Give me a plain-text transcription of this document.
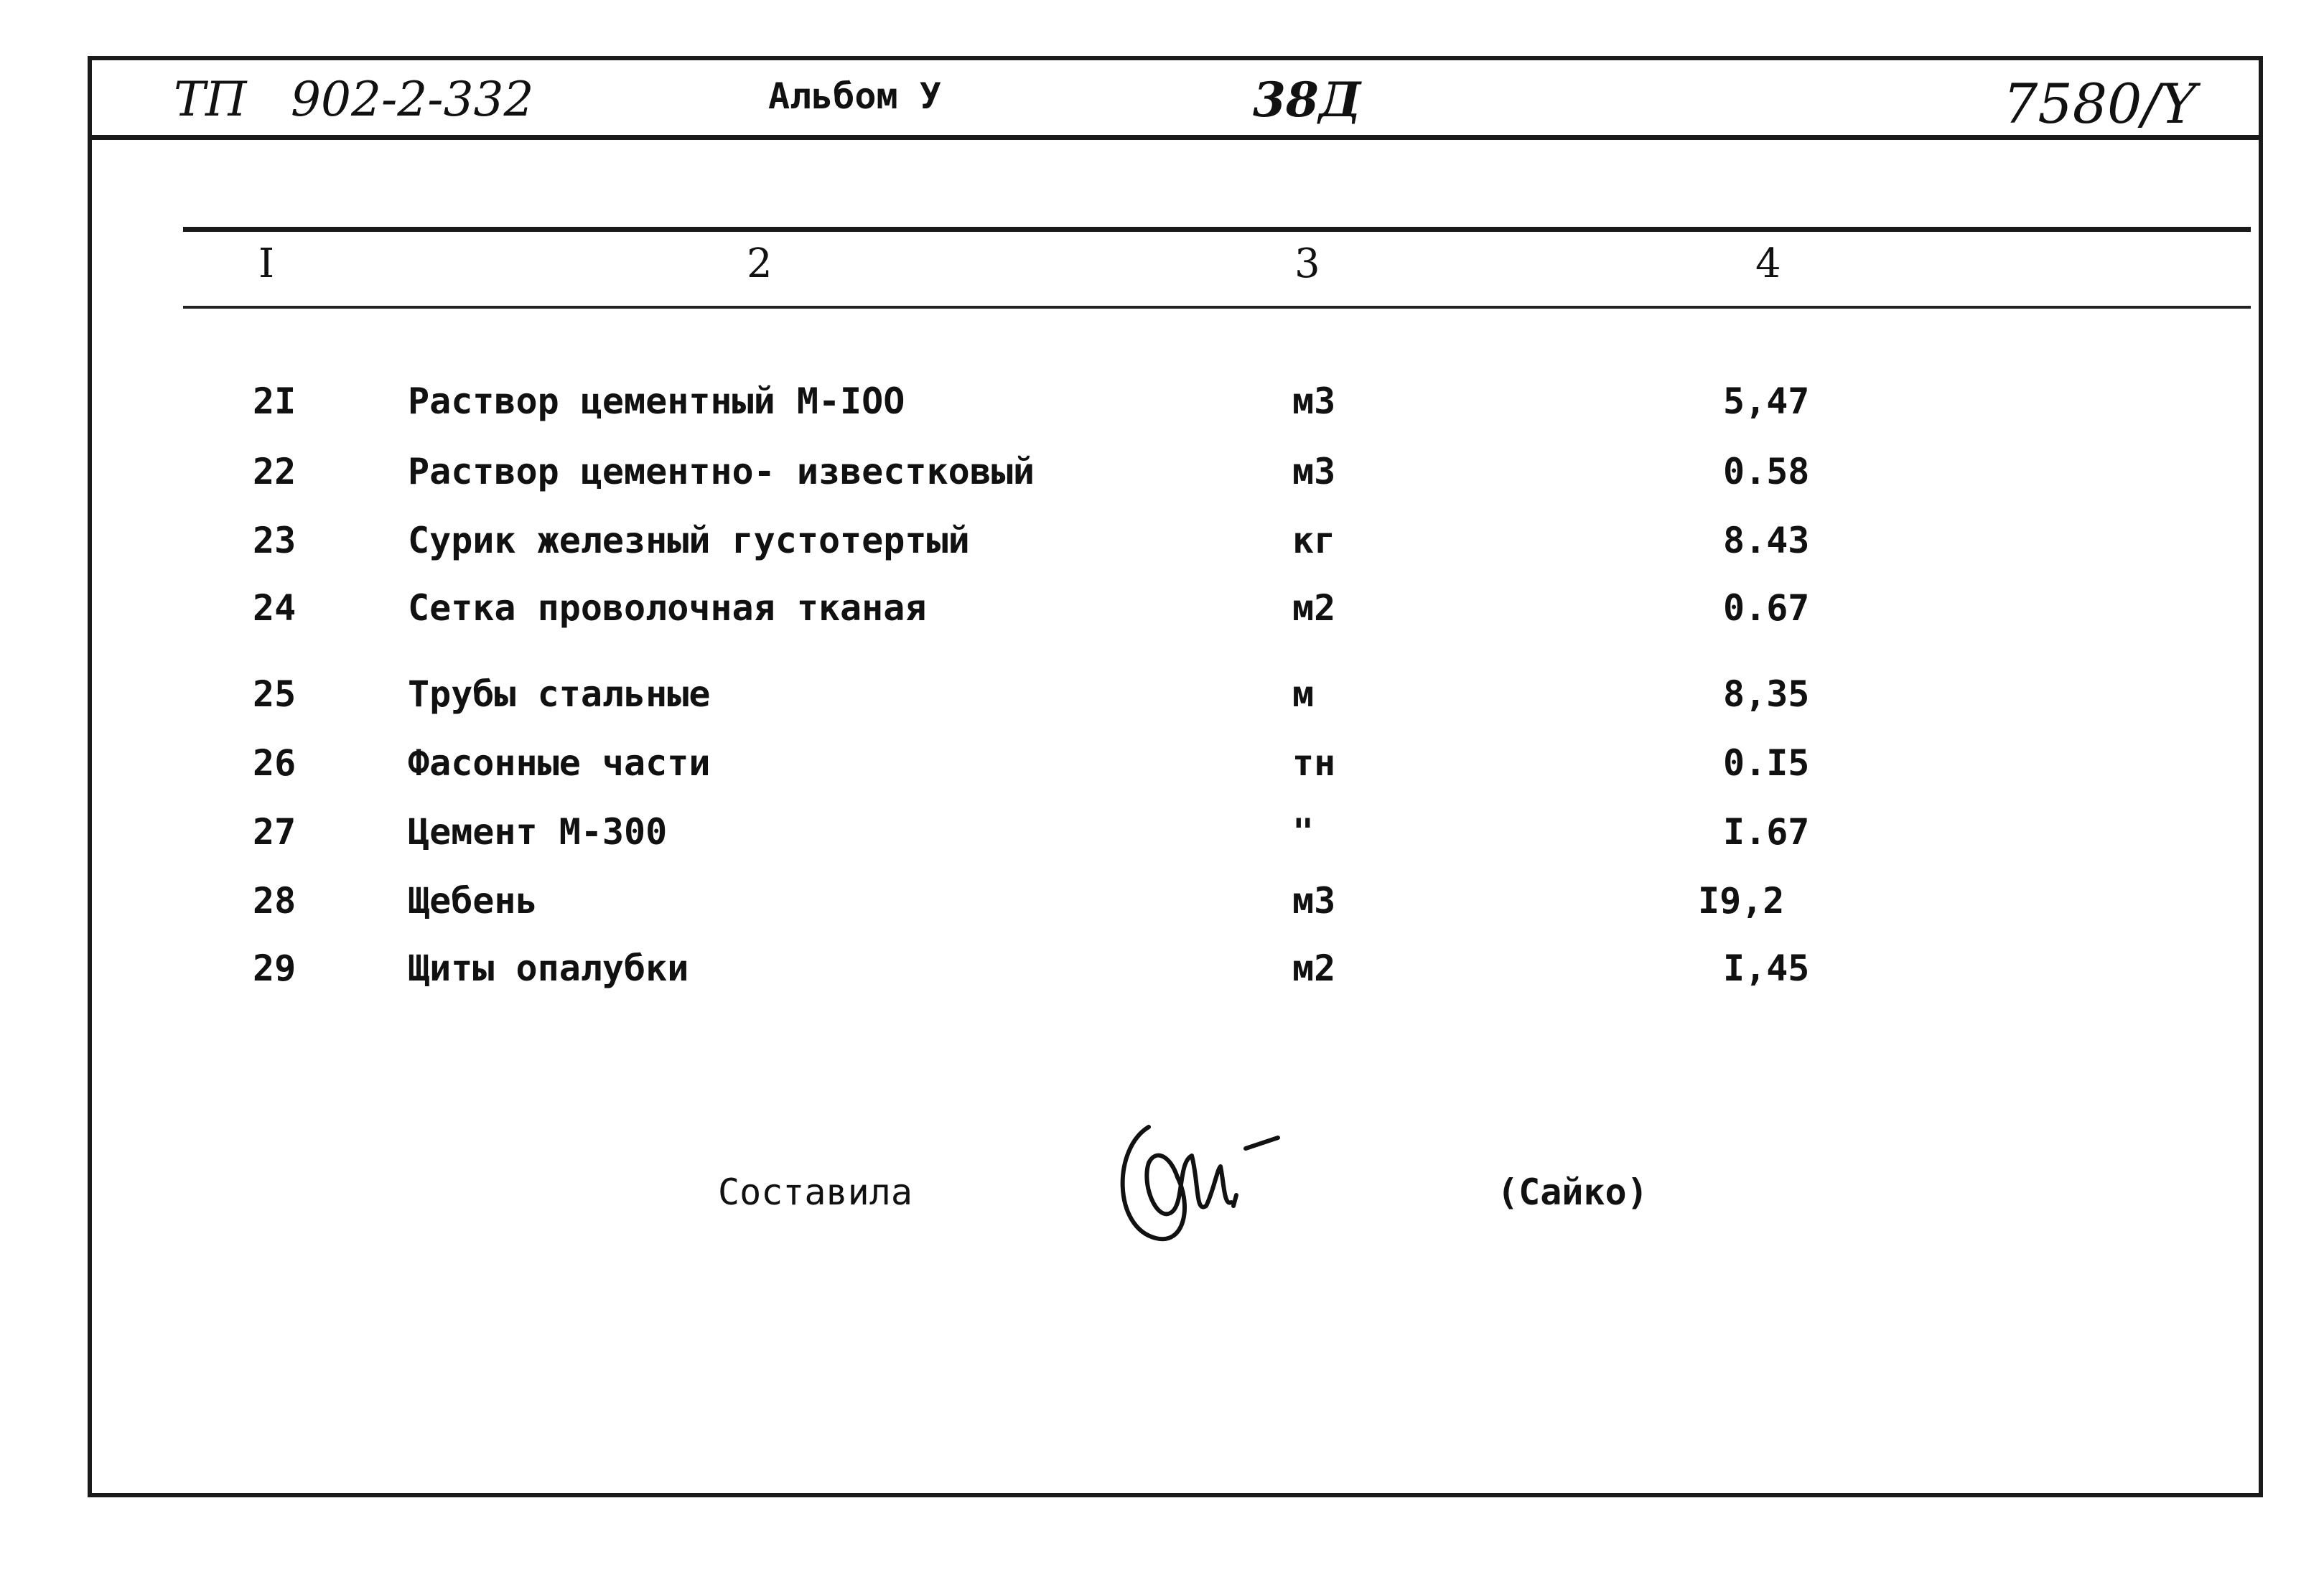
ТП 902-2-332	Альбом У	38Д	7580/Y
I	2	3	4
2I	Раствор цементный М-IOO	м3	5,47
22	Раствор цементно- известковый	м3	0.58
23	Сурик железный густотертый	кг	8.43
24	Сетка проволочная тканая	м2	0.67
25	Трубы стальные	м	8,35
26	Фасонные части	тн	0.I5
27	Цемент М-300	"	I.67
28	Щебень	м3	I9,2
29	Щиты опалубки	м2	I,45
Составила	(Сайко)
